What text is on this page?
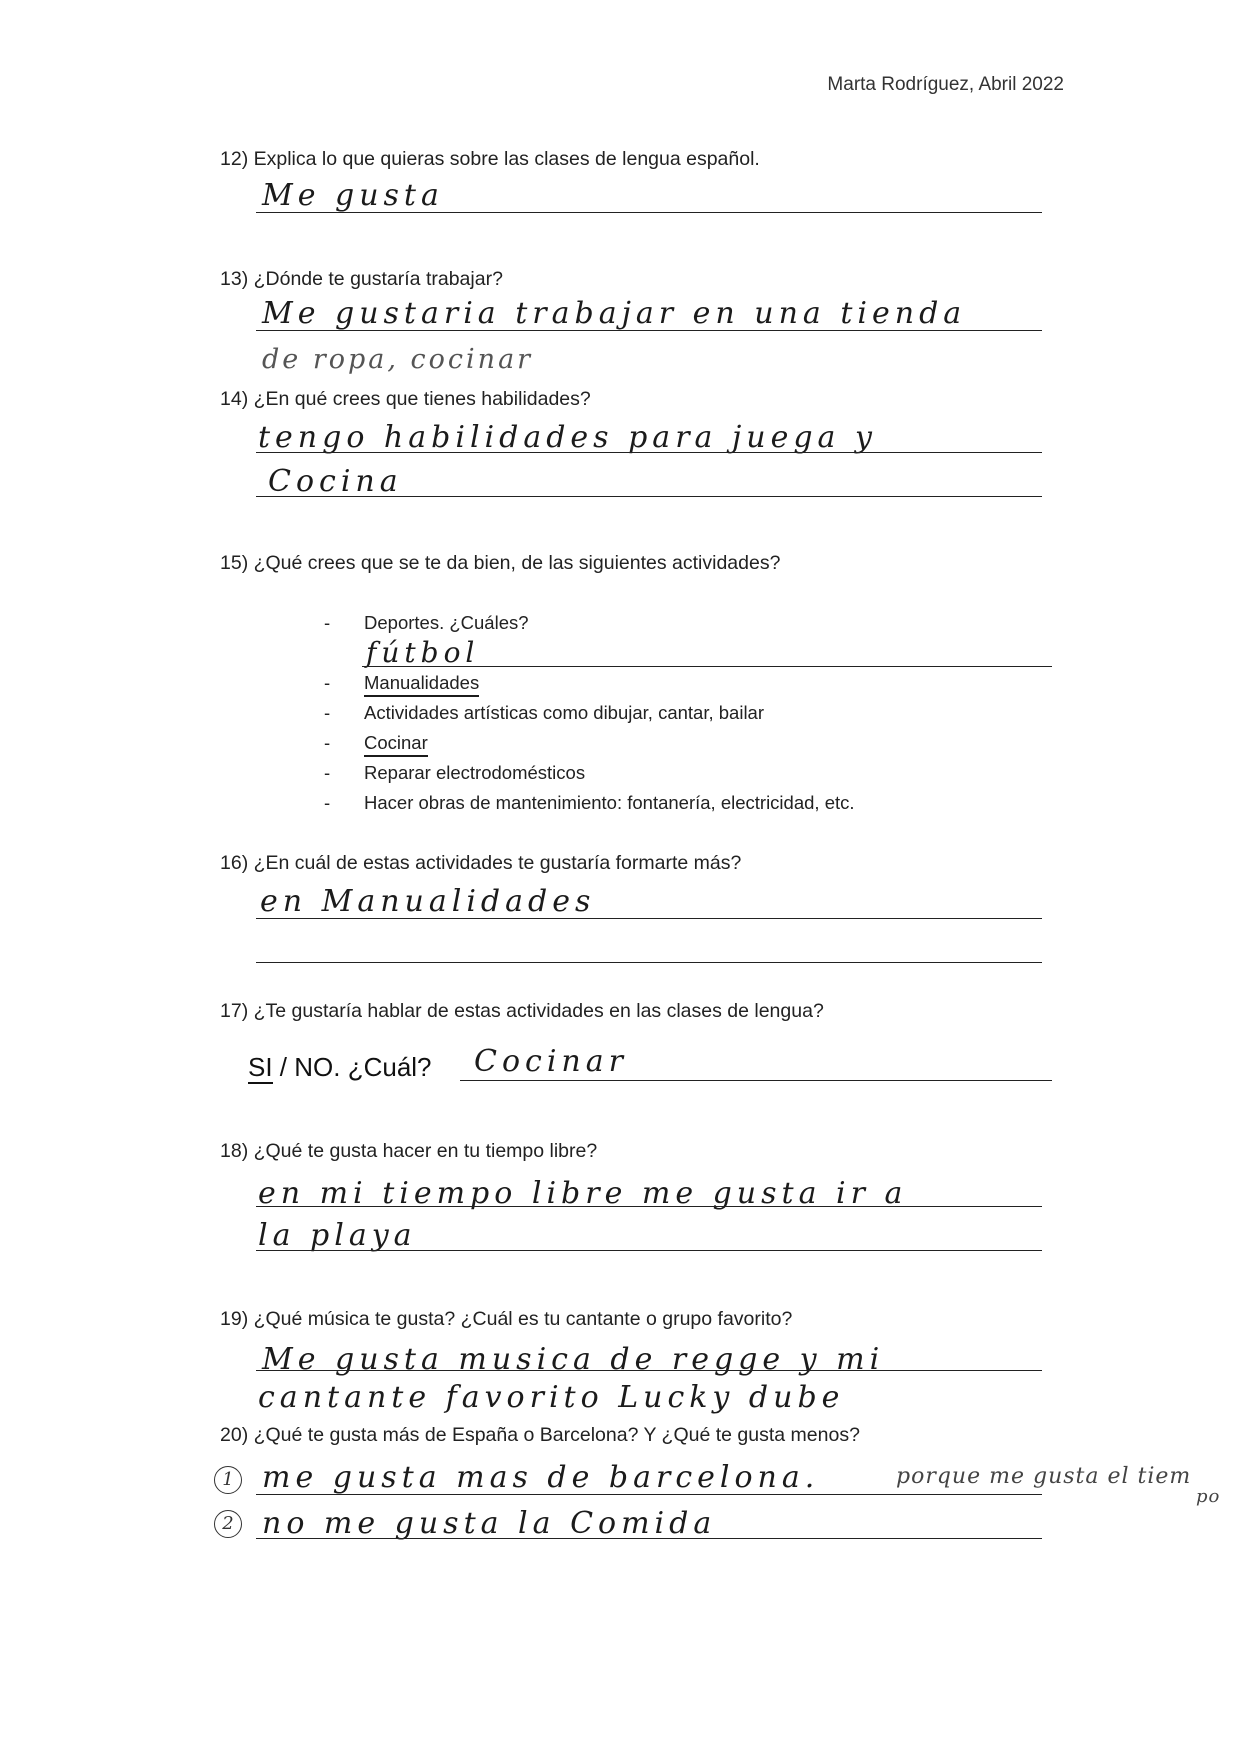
Marta Rodríguez, Abril 2022
12) Explica lo que quieras sobre las clases de lengua español.
Me gusta
13) ¿Dónde te gustaría trabajar?
Me gustaria trabajar en una tienda
de ropa, cocinar
14) ¿En qué crees que tienes habilidades?
tengo habilidades para juega y
Cocina
15) ¿Qué crees que se te da bien, de las siguientes actividades?
- Deportes. ¿Cuáles?
- Manualidades
- Actividades artísticas como dibujar, cantar, bailar
- Cocinar
- Reparar electrodomésticos
- Hacer obras de mantenimiento: fontanería, electricidad, etc.
fútbol
16) ¿En cuál de estas actividades te gustaría formarte más?
en Manualidades
17) ¿Te gustaría hablar de estas actividades en las clases de lengua?
SI / NO. ¿Cuál? Cocinar
18) ¿Qué te gusta hacer en tu tiempo libre?
en mi tiempo libre me gusta ir a
la playa
19) ¿Qué música te gusta? ¿Cuál es tu cantante o grupo favorito?
Me gusta musica de regge y mi
cantante favorito Lucky dube
20) ¿Qué te gusta más de España o Barcelona? Y ¿Qué te gusta menos?
1 me gusta mas de barcelona.	porque me gusta el tiem
po
2 no me gusta la Comida
